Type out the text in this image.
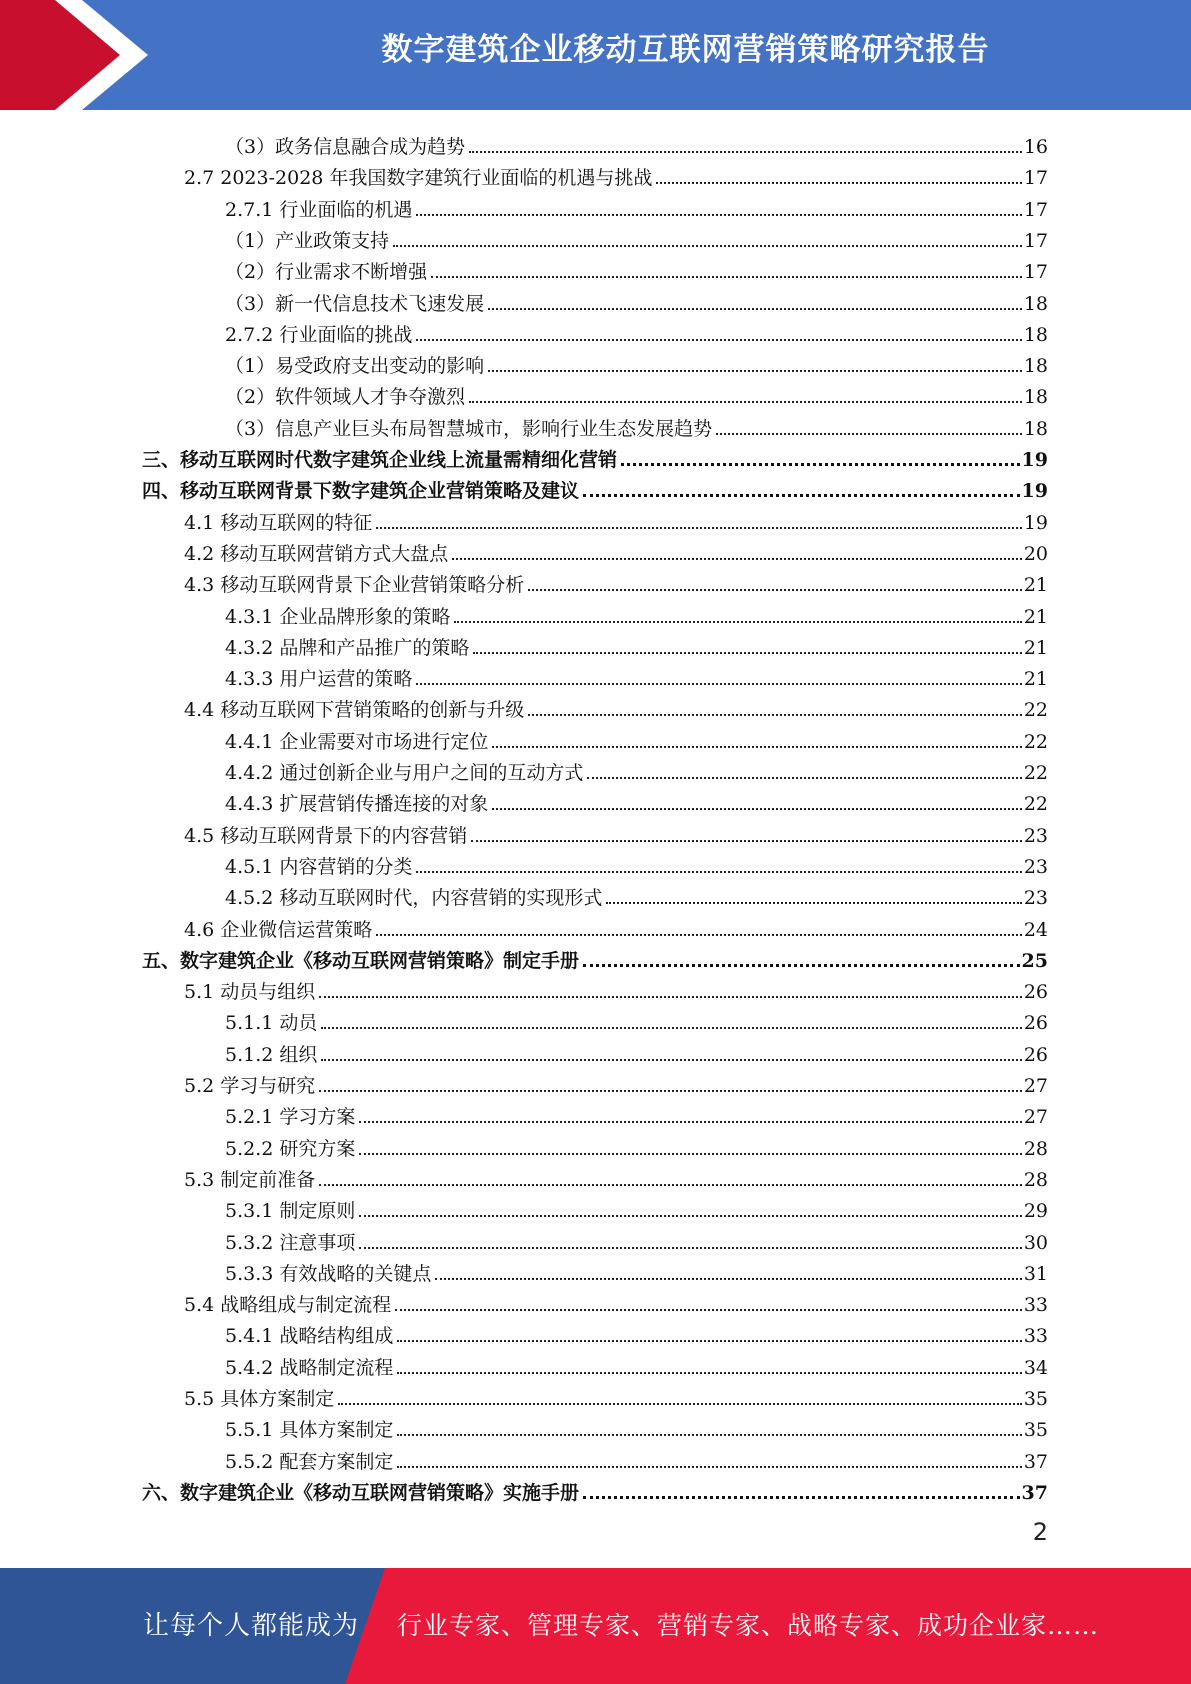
数字建筑企业移动互联网营销策略研究报告
（3）政务信息融合成为趋势	16
2.7 2023-2028 年我国数字建筑行业面临的机遇与挑战	17
2.7.1 行业面临的机遇	17
（1）产业政策支持	17
（2）行业需求不断增强	17
（3）新一代信息技术飞速发展	18
2.7.2 行业面临的挑战	18
（1）易受政府支出变动的影响	18
（2）软件领域人才争夺激烈	18
（3）信息产业巨头布局智慧城市，影响行业生态发展趋势	18
三、移动互联网时代数字建筑企业线上流量需精细化营销	19
四、移动互联网背景下数字建筑企业营销策略及建议	19
4.1 移动互联网的特征	19
4.2 移动互联网营销方式大盘点	20
4.3 移动互联网背景下企业营销策略分析	21
4.3.1 企业品牌形象的策略	21
4.3.2 品牌和产品推广的策略	21
4.3.3 用户运营的策略	21
4.4 移动互联网下营销策略的创新与升级	22
4.4.1 企业需要对市场进行定位	22
4.4.2 通过创新企业与用户之间的互动方式	22
4.4.3 扩展营销传播连接的对象	22
4.5 移动互联网背景下的内容营销	23
4.5.1 内容营销的分类	23
4.5.2 移动互联网时代，内容营销的实现形式	23
4.6 企业微信运营策略	24
五、数字建筑企业《移动互联网营销策略》制定手册	25
5.1 动员与组织	26
5.1.1 动员	26
5.1.2 组织	26
5.2 学习与研究	27
5.2.1 学习方案	27
5.2.2 研究方案	28
5.3 制定前准备	28
5.3.1 制定原则	29
5.3.2 注意事项	30
5.3.3 有效战略的关键点	31
5.4 战略组成与制定流程	33
5.4.1 战略结构组成	33
5.4.2 战略制定流程	34
5.5 具体方案制定	35
5.5.1 具体方案制定	35
5.5.2 配套方案制定	37
六、数字建筑企业《移动互联网营销策略》实施手册	37
2
让每个人都能成为 行业专家、管理专家、营销专家、战略专家、成功企业家……
